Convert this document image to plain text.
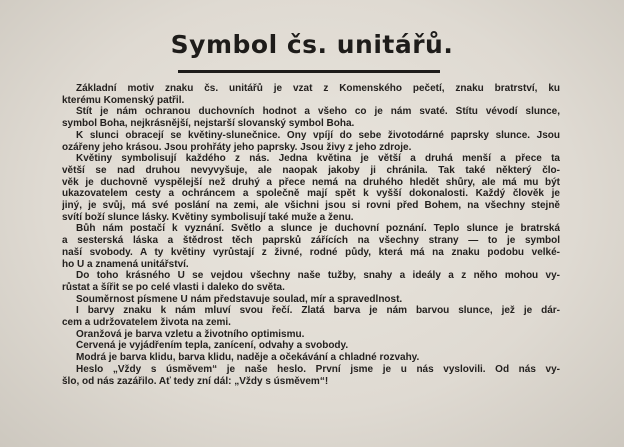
Symbol čs. unitářů.
Základní motiv znaku čs. unitářů je vzat z Komenského pečetí, znaku bratrství, ku
kterému Komenský patřil.
Štít je nám ochranou duchovních hodnot a všeho co je nám svaté. Štítu vévodí slunce,
symbol Boha, nejkrásnější, nejstarší slovanský symbol Boha.
K slunci obracejí se květiny-slunečnice. Ony vpíjí do sebe životodárné paprsky slunce. Jsou
ozářeny jeho krásou. Jsou prohřáty jeho paprsky. Jsou živy z jeho zdroje.
Květiny symbolisují každého z nás. Jedna květina je větší a druhá menší a přece ta
větší se nad druhou nevyvyšuje, ale naopak jakoby ji chránila. Tak také některý člo-
věk je duchovně vyspělejší než druhý a přece nemá na druhého hledět shůry, ale má mu být
ukazovatelem cesty a ochráncem a společně mají spět k vyšší dokonalosti. Každý člověk je
jiný, je svůj, má své poslání na zemi, ale všichni jsou si rovni před Bohem, na všechny stejně
svítí boží slunce lásky. Květiny symbolisují také muže a ženu.
Bůh nám postačí k vyznání. Světlo a slunce je duchovní poznání. Teplo slunce je bratrská
a sesterská láska a štědrost těch paprsků zářících na všechny strany — to je symbol
naší svobody. A ty květiny vyrůstají z živné, rodné půdy, která má na znaku podobu velké-
ho U a znamená unitářství.
Do toho krásného U se vejdou všechny naše tužby, snahy a ideály a z něho mohou vy-
růstat a šířit se po celé vlasti i daleko do světa.
Souměrnost písmene U nám představuje soulad, mír a spravedlnost.
I barvy znaku k nám mluví svou řečí. Zlatá barva je nám barvou slunce, jež je dár-
cem a udržovatelem života na zemi.
Oranžová je barva vzletu a životního optimismu.
Červená je vyjádřením tepla, zanícení, odvahy a svobody.
Modrá je barva klidu, barva klidu, naděje a očekávání a chladné rozvahy.
Heslo „Vždy s úsměvem“ je naše heslo. První jsme je u nás vyslovili. Od nás vy-
šlo, od nás zazářilo. Ať tedy zní dál: „Vždy s úsměvem“!
